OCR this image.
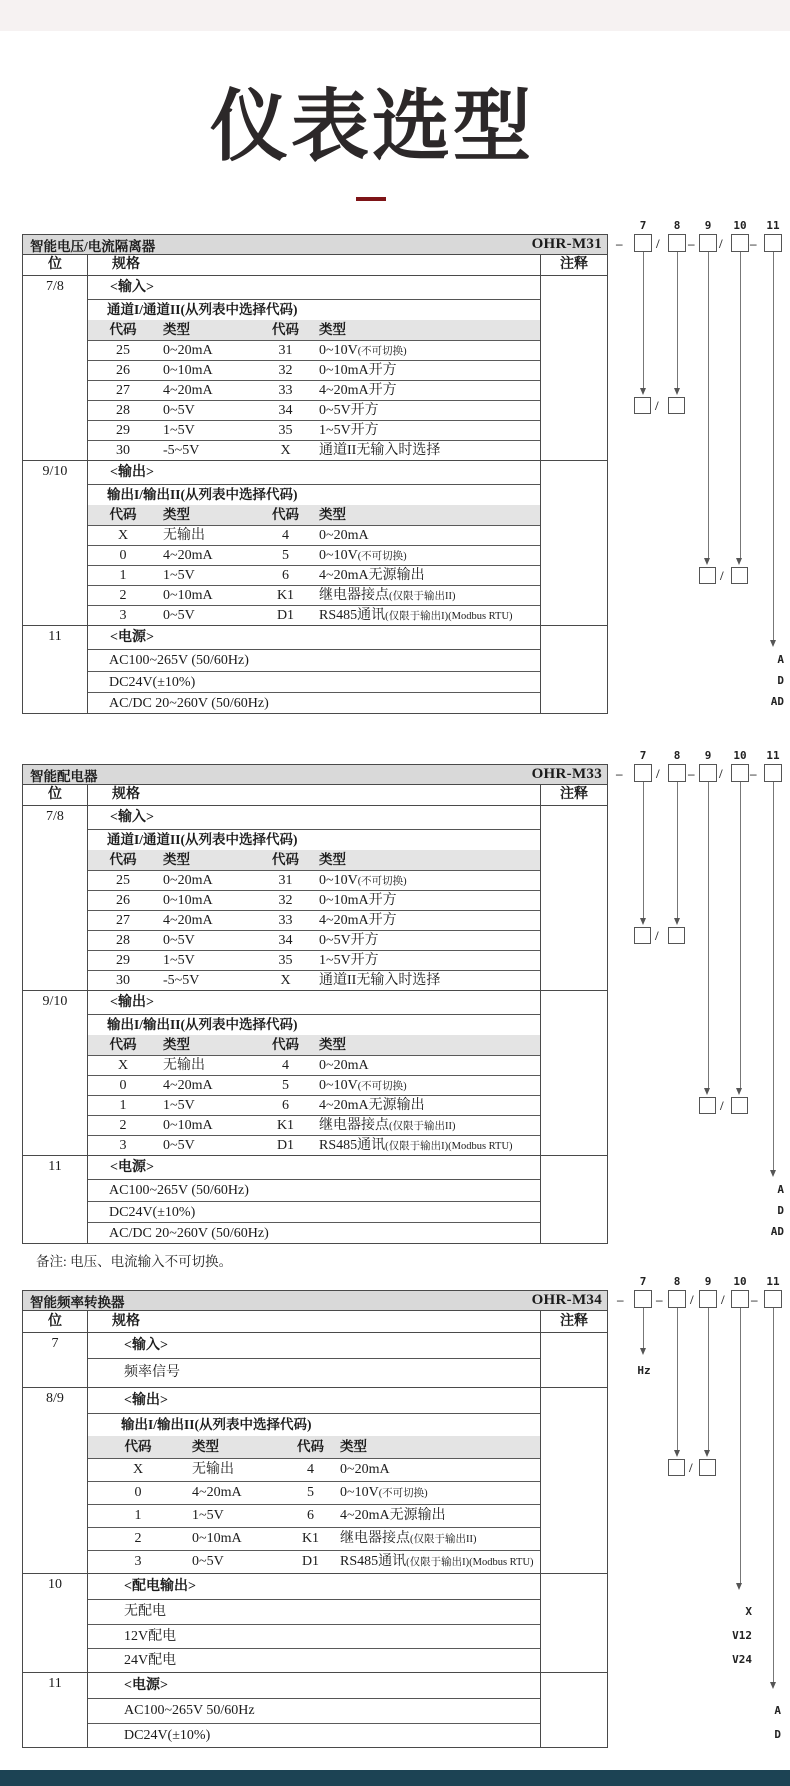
仪表选型
智能电压/电流隔离器	OHR-M31
位	规格	注释
7/8	<输入>
通道I/通道II(从列表中选择代码)
代码	类型	代码	类型
25	0~20mA	31	0~10V(不可切换)
26	0~10mA	32	0~10mA开方
27	4~20mA	33	4~20mA开方
28	0~5V	34	0~5V开方
29	1~5V	35	1~5V开方
30	-5~5V	X	通道II无输入时选择
9/10	<输出>
输出I/输出II(从列表中选择代码)
代码	类型	代码	类型
X	无输出	4	0~20mA
0	4~20mA	5	0~10V(不可切换)
1	1~5V	6	4~20mA无源输出
2	0~10mA	K1	继电器接点(仅限于输出II)
3	0~5V	D1	RS485通讯(仅限于输出I)(Modbus RTU)
11	<电源>
AC100~265V (50/60Hz)
DC24V(±10%)
AC/DC 20~260V (50/60Hz)
7	8	9	10	11
–	/ – / –
/
/
A
D
AD
智能配电器	OHR-M33
位	规格	注释
7/8	<输入>
通道I/通道II(从列表中选择代码)
代码	类型	代码	类型
25	0~20mA	31	0~10V(不可切换)
26	0~10mA	32	0~10mA开方
27	4~20mA	33	4~20mA开方
28	0~5V	34	0~5V开方
29	1~5V	35	1~5V开方
30	-5~5V	X	通道II无输入时选择
9/10	<输出>
输出I/输出II(从列表中选择代码)
代码	类型	代码	类型
X	无输出	4	0~20mA
0	4~20mA	5	0~10V(不可切换)
1	1~5V	6	4~20mA无源输出
2	0~10mA	K1	继电器接点(仅限于输出II)
3	0~5V	D1	RS485通讯(仅限于输出I)(Modbus RTU)
11	<电源>
AC100~265V (50/60Hz)
DC24V(±10%)
AC/DC 20~260V (50/60Hz)
7	8	9	10	11
–	/ – / –
/
/
A
D
AD

备注: 电压、电流输入不可切换。

智能频率转换器	OHR-M34
位	规格	注释
7	<输入>
频率信号
8/9	<输出>
输出I/输出II(从列表中选择代码)
代码	类型	代码	类型
X	无输出	4	0~20mA
0	4~20mA	5	0~10V(不可切换)
1	1~5V	6	4~20mA无源输出
2	0~10mA	K1	继电器接点(仅限于输出II)
3	0~5V	D1	RS485通讯(仅限于输出I)(Modbus RTU)
10	<配电输出>
无配电
12V配电
24V配电
11	<电源>
AC100~265V 50/60Hz
DC24V(±10%)
7	8	9	10	11
–	– / / –
Hz
/
X
V12
V24
A
D
